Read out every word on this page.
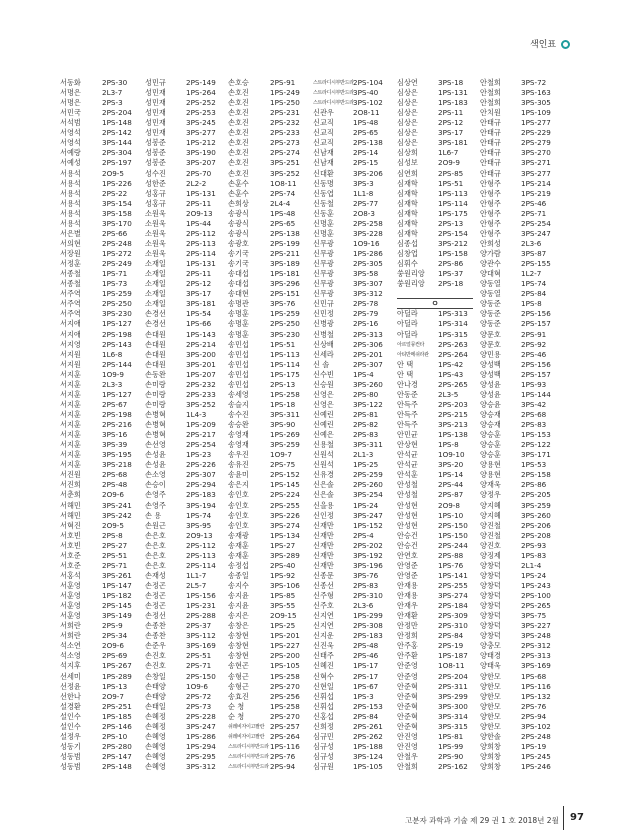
색인표
서동화	2PS-30	성민규	2PS-149	손호승	2PS-91	스트라디시부반드라 2PS-104	심상연	3PS-18	안철희	3PS-72
서명은	2L3-7	성민재	1PS-264	손호진	1PS-249	스트라디시부반드라 3PS-40	심상은	1PS-131	안철희	3PS-163
서명은	2PS-3	성민재	2PS-252	손호진	1PS-250	스트라디시부반드라 3PS-102	심상은	1PS-183	안철희	3PS-305
서민국	2PS-204	성민재	2PS-253	손호진	2PS-231	신관우	2O8-11	심상은	2PS-11	안치원	1PS-109
서석범	1PS-148	성민재	3PS-245	손호진	2PS-232	신교직	1PS-48	심상은	2PS-12	안태규	1PS-277
서영석	2PS-142	성민재	3PS-277	손호진	2PS-233	신교직	2PS-65	심상은	3PS-17	안태규	2PS-229
서영석	3PS-144	성봉준	1PS-212	손호진	2PS-273	신교직	2PS-138	심상은	3PS-181	안태규	2PS-279
서예랑	2PS-304	성봉준	3PS-190	손호진	2PS-274	신남재	2PS-14	심상희	1L6-7	안태규	3PS-270
서예성	2PS-197	성봉준	3PS-207	손호진	3PS-251	신남재	2PS-15	심성보	2O9-9	안태규	3PS-271
서용석	2O9-5	성수진	2PS-70	손호진	3PS-252	신대환	3PS-206	심연희	2PS-85	안태규	3PS-277
서용석	1PS-226	성한준	2L2-2	손훈수	1O8-11	신동명	3PS-3	심재학	1PS-51	안형주	1PS-214
서용석	2PS-22	성홍규	1PS-131	손훈수	2PS-74	신동엽	1L1-8	심재학	1PS-113	안형주	1PS-219
서용석	3PS-154	성홍규	2PS-11	손희상	2L4-4	신동철	2PS-77	심재학	1PS-114	안형주	2PS-46
서용석	3PS-158	소원욱	2O9-13	송광식	1PS-48	신동훈	2O8-3	심재학	1PS-175	안형주	2PS-71
서용석	3PS-170	소원욱	1PS-44	송광식	2PS-65	신명훈	2PS-258	심재학	2PS-13	안형주	2PS-254
서은별	2PS-66	소원욱	2PS-112	송광식	2PS-138	신명훈	3PS-228	심재학	2PS-154	안형주	3PS-247
서의현	2PS-248	소원욱	2PS-113	송광호	2PS-199	신무광	1O9-16	심종섭	3PS-212	안희성	2L3-6
서장원	1PS-272	소원욱	2PS-114	송기국	2PS-211	신무광	1PS-286	심창업	1PS-158	양가람	3PS-87
서정훈	2PS-249	소재일	1PS-131	송기국	3PS-189	신무광	2PS-305	심휘수	2PS-86	양관수	2PS-155
서종철	1PS-71	소재일	2PS-11	송대섭	1PS-181	신무광	3PS-58	쑹원리앙	1PS-37	양대혁	1L2-7
서종철	1PS-73	소재일	2PS-12	송대섭	3PS-296	신무광	3PS-307	쑹원리앙	2PS-18	양동열	1PS-74
서주역	1PS-259	소재일	3PS-17	송대현	2PS-151	신무광	3PS-312	양동열	2PS-84
서주역	2PS-250	소재일	3PS-181	송명관	3PS-76	신민규	2PS-78	ㅇ	양동준	1PS-8
서주역	3PS-230	손경선	1PS-54	송명훈	1PS-259	신민정	2PS-79	아딜라	1PS-313	양동준	2PS-156
서지애	1PS-127	손경선	1PS-66	송명훈	2PS-250	신병광	2PS-16	아딜라	1PS-314	양동준	2PS-157
서지애	2PS-198	손대원	1PS-143	송명훈	3PS-230	신병철	2PS-313	아딜라	1PS-315	양문호	2PS-91
서지영	2PS-143	손대원	2PS-214	송민섭	1PS-51	신상배	2PS-306	아르얼뭉컨타	2PS-263	양문호	2PS-92
서지원	1L6-8	손대원	3PS-200	송민섭	1PS-113	신세라	2PS-201	아티반메쉬라관	2PS-264	양민용	2PS-46
서지원	2PS-144	손대원	3PS-201	송민섭	1PS-114	신 솔	2PS-307	안 택	1PS-42	양성백	2PS-156
서지훈	1O9-9	손동완	1PS-207	송민섭	1PS-175	신수빈	1PS-4	안 택	1PS-43	양성백	2PS-157
서지훈	2L3-3	손미랑	2PS-232	송민섭	2PS-13	신승원	3PS-260	안나경	2PS-265	양성윤	1PS-93
서지훈	1PS-127	손미랑	2PS-233	송세영	1PS-258	신영은	2PS-80	안동준	2L3-5	양성윤	1PS-144
서지훈	2PS-67	손미랑	3PS-252	송슬지	1PS-18	신영은	3PS-122	안득주	2PS-203	양승윤	3PS-42
서지훈	2PS-198	손병혁	1L4-3	송수진	3PS-311	신예린	2PS-81	안득주	2PS-215	양승재	2PS-68
서지훈	2PS-216	손병혁	1PS-209	송승완	3PS-90	신예린	2PS-82	안득주	3PS-213	양승재	2PS-83
서지훈	3PS-16	손병혁	2PS-217	송영재	1PS-269	신예은	2PS-83	안민균	1PS-138	양승훈	1PS-153
서지훈	3PS-39	손선영	2PS-254	송영재	3PS-259	신용철	3PS-311	안상현	1PS-8	양승훈	2PS-122
서지훈	3PS-195	손성윤	1PS-23	송우진	1O9-7	신원석	2L1-3	안석균	1O9-10	양승훈	3PS-171
서지훈	3PS-218	손성윤	2PS-226	송유진	2PS-75	신원석	1PS-25	안석균	3PS-20	양용현	1PS-53
서진원	2PS-68	손소영	2PS-307	송윤미	2PS-152	신유경	2PS-259	안석훈	1PS-14	양용현	2PS-158
서진희	2PS-48	손승이	2PS-294	송은지	1PS-145	신은솔	2PS-260	안성철	2PS-44	양재욱	2PS-86
서춘희	2O9-6	손영주	2PS-183	송인호	2PS-224	신은솔	3PS-254	안성철	2PS-87	양정우	2PS-205
서해민	3PS-241	손영주	3PS-194	송인호	2PS-255	신을용	1PS-24	안성현	2O9-8	양지혜	3PS-259
서해민	3PS-242	손 용	1PS-74	송인호	3PS-226	신인정	3PS-247	안성현	1PS-10	양지혜	3PS-260
서혁진	2O9-5	손원근	3PS-95	송인호	3PS-274	신재만	1PS-152	안성현	2PS-150	양진철	2PS-206
서호빈	2PS-8	손은호	2O9-13	송재광	1PS-134	신재만	2PS-4	안승건	1PS-150	양진철	2PS-208
서호빈	2PS-27	손은호	2PS-112	송재훈	1PS-27	신재만	2PS-202	안승건	2PS-244	양진호	2PS-93
서호준	2PS-51	손은호	2PS-113	송재훈	3PS-289	신재만	3PS-192	안연호	2PS-88	양징제	1PS-83
서호준	2PS-71	손은호	2PS-114	송정섭	2PS-40	신재만	3PS-196	안영준	1PS-76	양창덕	2L1-4
서홍석	3PS-261	손재성	1L1-7	송종일	1PS-92	신종문	3PS-76	안영준	1PS-141	양창덕	1PS-24
서훈영	1PS-147	손정곤	2L5-7	송지수	3PS-106	신종선	2PS-83	안재용	2PS-255	양창덕	1PS-243
서훈영	1PS-182	손정곤	1PS-156	송지윤	1PS-85	신주형	2PS-310	안재용	3PS-274	양창덕	2PS-100
서훈영	2PS-145	손정곤	1PS-231	송지윤	3PS-55	신주호	2L3-6	안재우	2PS-184	양창덕	2PS-265
서훈영	3PS-149	손정선	2PS-288	송지은	2O9-15	신지연	1PS-299	안재환	2PS-309	양창덕	3PS-75
서희란	2PS-9	손종찬	2PS-37	송창은	1PS-25	신지연	2PS-308	안정만	2PS-310	양창덕	3PS-227
서희란	2PS-34	손종찬	3PS-112	송창현	1PS-201	신지운	2PS-183	안정희	2PS-84	양창덕	3PS-248
석소연	2O9-6	손준우	3PS-169	송창현	1PS-227	신진욱	2PS-48	안주홍	2PS-19	양충모	2PS-312
석소영	2PS-69	손진호	2PS-51	송창현	2PS-200	신태주	2PS-46	안주환	1PS-187	양태경	2PS-313
석지후	1PS-267	손진호	2PS-71	송현곤	1PS-105	신혜진	1PS-17	안준영	1O8-11	양태욱	3PS-169
선세미	1PS-289	손창일	2PS-150	송형근	1PS-258	신혁수	2PS-17	안준영	2PS-204	양한모	1PS-68
선정윤	1PS-13	손태양	1O9-6	송형근	2PS-270	신현일	1PS-67	안준혁	2PS-311	양한모	1PS-116
선한나	2O9-7	손태양	2PS-72	송효진	2PS-256	신휘섭	1PS-3	안준혁	3PS-299	양한모	1PS-132
설경환	2PS-251	손태일	2PS-73	순 청	1PS-258	신휘섭	2PS-153	안준혁	3PS-300	양한모	2PS-76
설인수	1PS-185	손혜정	2PS-228	순 청	2PS-270	신홍섭	2PS-84	안준혁	3PS-314	양한모	2PS-94
설인수	2PS-146	손혜정	3PS-247	쉬레비자이고팔란 2PS-257	신희정	2PS-261	안준혁	3PS-315	양한모	3PS-102
설정우	2PS-10	손혜영	1PS-286	쉬레비자이고팔란 2PS-264	심규민	2PS-262	안진영	1PS-81	양한솔	2PS-248
성동기	2PS-280	손혜영	1PS-294	스트라디시부반드라 1PS-116	심규성	1PS-188	안진영	1PS-99	양희창	1PS-19
성동범	2PS-147	손혜영	2PS-295	스트라디시부반드라 2PS-76	심규성	3PS-124	안철우	2PS-90	양희창	1PS-245
성동범	2PS-148	손혜영	3PS-312	스트라디시부반드라 2PS-94	심규원	1PS-105	안철희	2PS-162	양희창	1PS-246
고분자 과학과 기술 제 29 권 1 호 2018년 2월 97
